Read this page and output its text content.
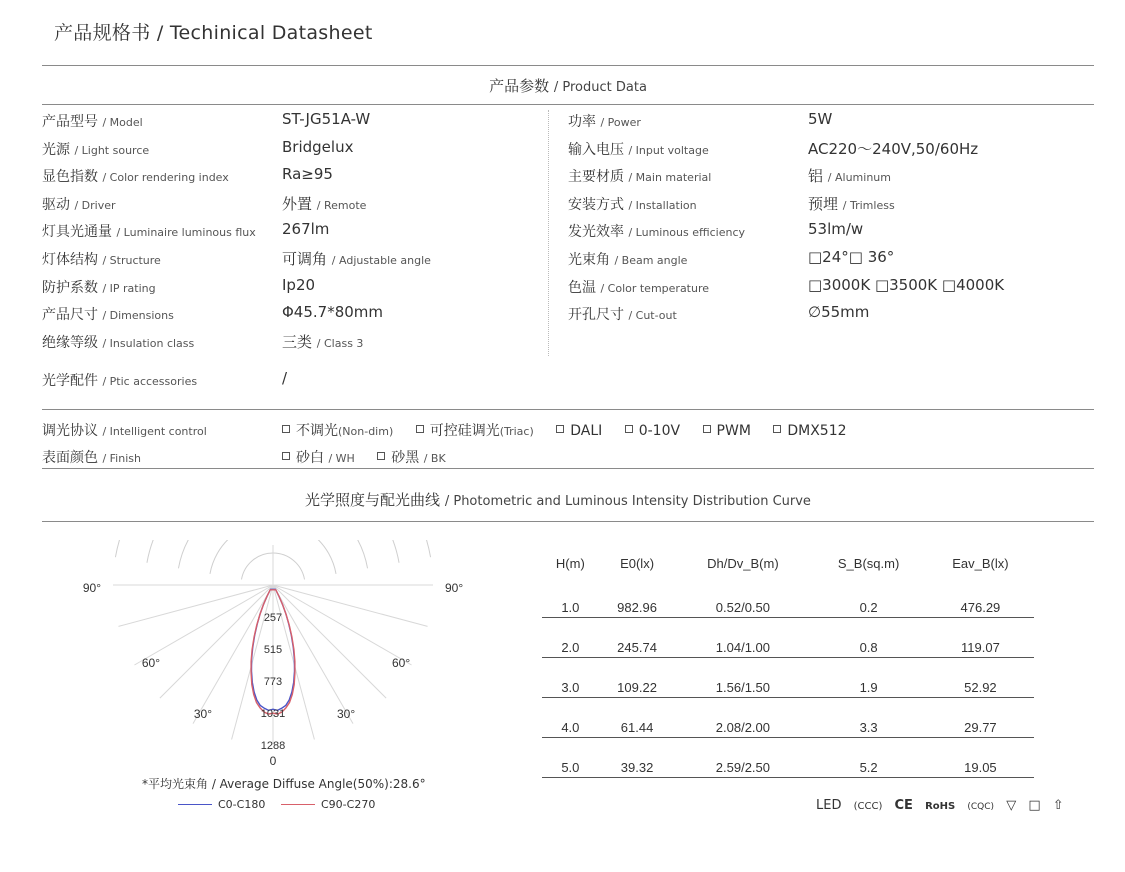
产品规格书 / Techinical Datasheet
产品参数 / Product Data
产品型号 / Model	ST-JG51A-W
光源 / Light source	Bridgelux
显色指数 / Color rendering index	Ra≥95
驱动 / Driver	外置 / Remote
灯具光通量 / Luminaire luminous flux 267lm
灯体结构 / Structure	可调角 / Adjustable angle
防护系数 / IP rating	Ip20
产品尺寸 / Dimensions	Φ45.7*80mm
绝缘等级 / Insulation class	三类 / Class 3
功率 / Power	5W
输入电压 / Input voltage	AC220～240V,50/60Hz
主要材质 / Main material	铝 / Aluminum
安装方式 / Installation	预埋 / Trimless
发光效率 / Luminous efficiency	53lm/w
光束角 / Beam angle	□24°□ 36°
色温 / Color temperature	□3000K □3500K □4000K
开孔尺寸 / Cut-out	∅55mm
光学配件 / Ptic accessories	/
调光协议 / Intelligent control	不调光(Non-dim)	可控硅调光(Triac)	DALI	0-10V	PWM	DMX512
表面颜色 / Finish	砂白 / WH	砂黑 / BK
光学照度与配光曲线 / Photometric and Luminous Intensity Distribution Curve
257
515
773
1031
1288
90°	90°
60°	60°
30°	30°
0
*平均光束角 / Average Diffuse Angle(50%):28.6°
C0-C180	C90-C270
H(m)	E0(lx)	Dh/Dv_B(m)	S_B(sq.m)	Eav_B(lx)
1.0	982.96	0.52/0.50	0.2	476.29
2.0	245.74	1.04/1.00	0.8	119.07
3.0	109.22	1.56/1.50	1.9	52.92
4.0	61.44	2.08/2.00	3.3	29.77
5.0	39.32	2.59/2.50	5.2	19.05
LED (CCC) CE RoHS (CQC) ▽ □ ⇧
